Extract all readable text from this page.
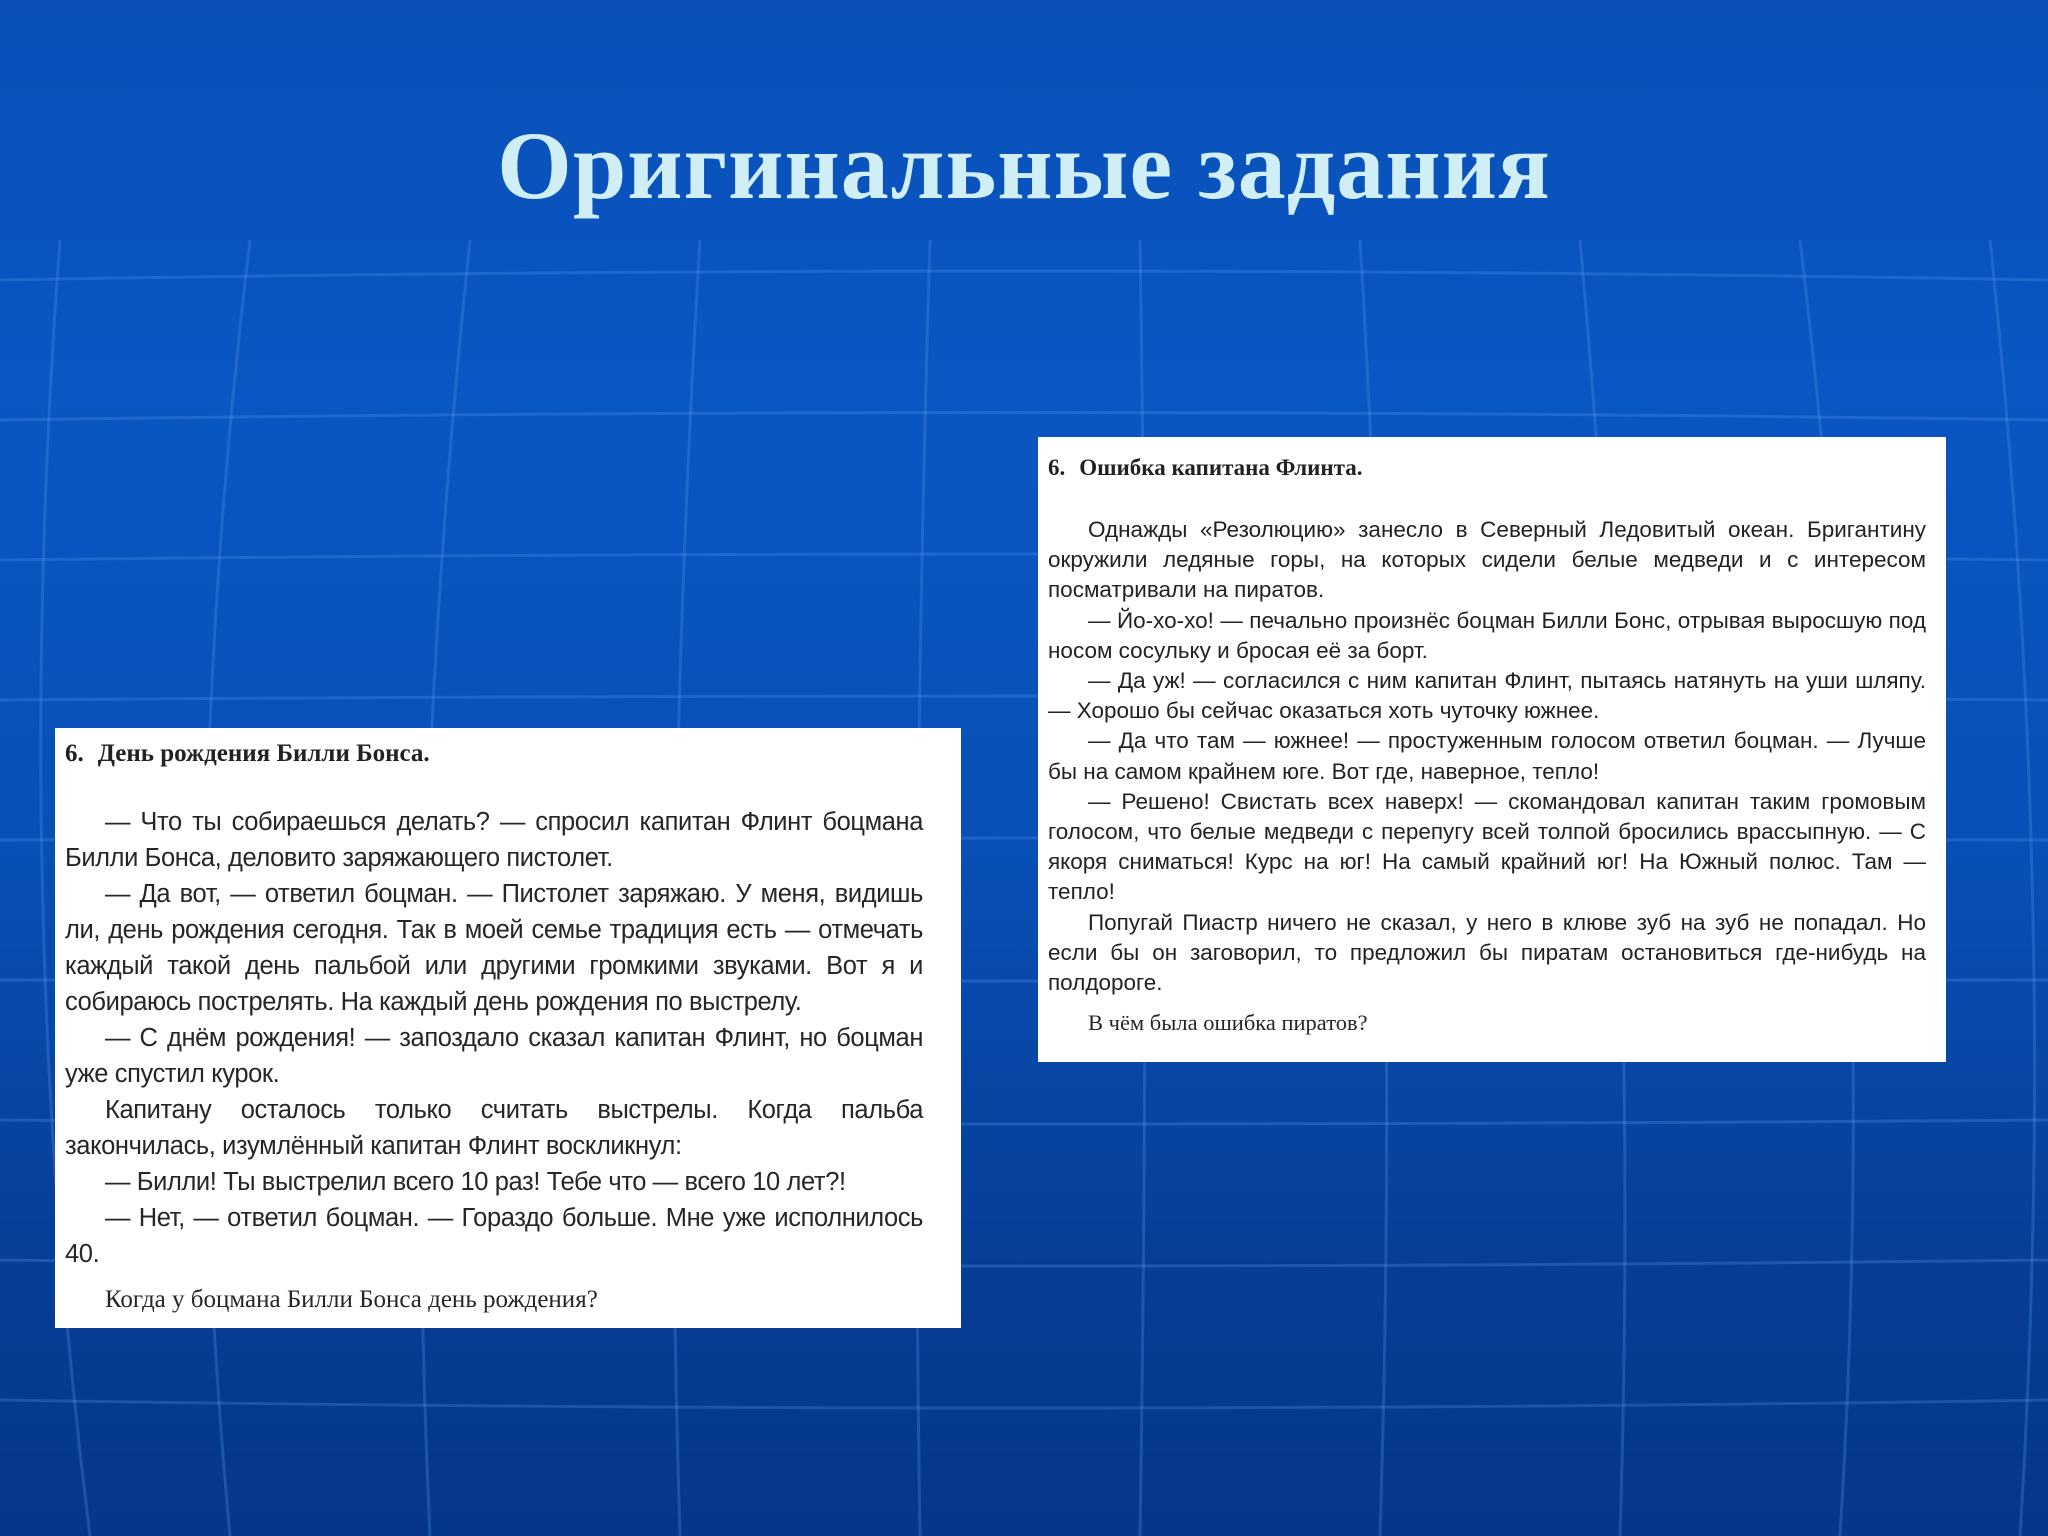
Оригинальные задания
6. День рождения Билли Бонса.

— Что ты собираешься делать? — спросил капитан Флинт боцмана Билли Бонса, деловито заряжающего пистолет.

— Да вот, — ответил боцман. — Пистолет заряжаю. У меня, видишь ли, день рождения сегодня. Так в моей семье традиция есть — отмечать каждый такой день пальбой или другими громкими звуками. Вот я и собираюсь пострелять. На каждый день рождения по выстрелу.

— С днём рождения! — запоздало сказал капитан Флинт, но боцман уже спустил курок.

Капитану осталось только считать выстрелы. Когда пальба закончилась, изумлённый капитан Флинт воскликнул:

— Билли! Ты выстрелил всего 10 раз! Тебе что — всего 10 лет?!

— Нет, — ответил боцман. — Гораздо больше. Мне уже исполнилось 40.

Когда у боцмана Билли Бонса день рождения?

6. Ошибка капитана Флинта.

Однажды «Резолюцию» занесло в Северный Ледовитый океан. Бригантину окружили ледяные горы, на которых сидели белые медведи и с интересом посматривали на пиратов.

— Йо-хо-хо! — печально произнёс боцман Билли Бонс, отрывая выросшую под носом сосульку и бросая её за борт.

— Да уж! — согласился с ним капитан Флинт, пытаясь натянуть на уши шляпу. — Хорошо бы сейчас оказаться хоть чуточку южнее.

— Да что там — южнее! — простуженным голосом ответил боцман. — Лучше бы на самом крайнем юге. Вот где, наверное, тепло!

— Решено! Свистать всех наверх! — скомандовал капитан таким громовым голосом, что белые медведи с перепугу всей толпой бросились врассыпную. — С якоря сниматься! Курс на юг! На самый крайний юг! На Южный полюс. Там — тепло!

Попугай Пиастр ничего не сказал, у него в клюве зуб на зуб не попадал. Но если бы он заговорил, то предложил бы пиратам остановиться где-нибудь на полдороге.

В чём была ошибка пиратов?
